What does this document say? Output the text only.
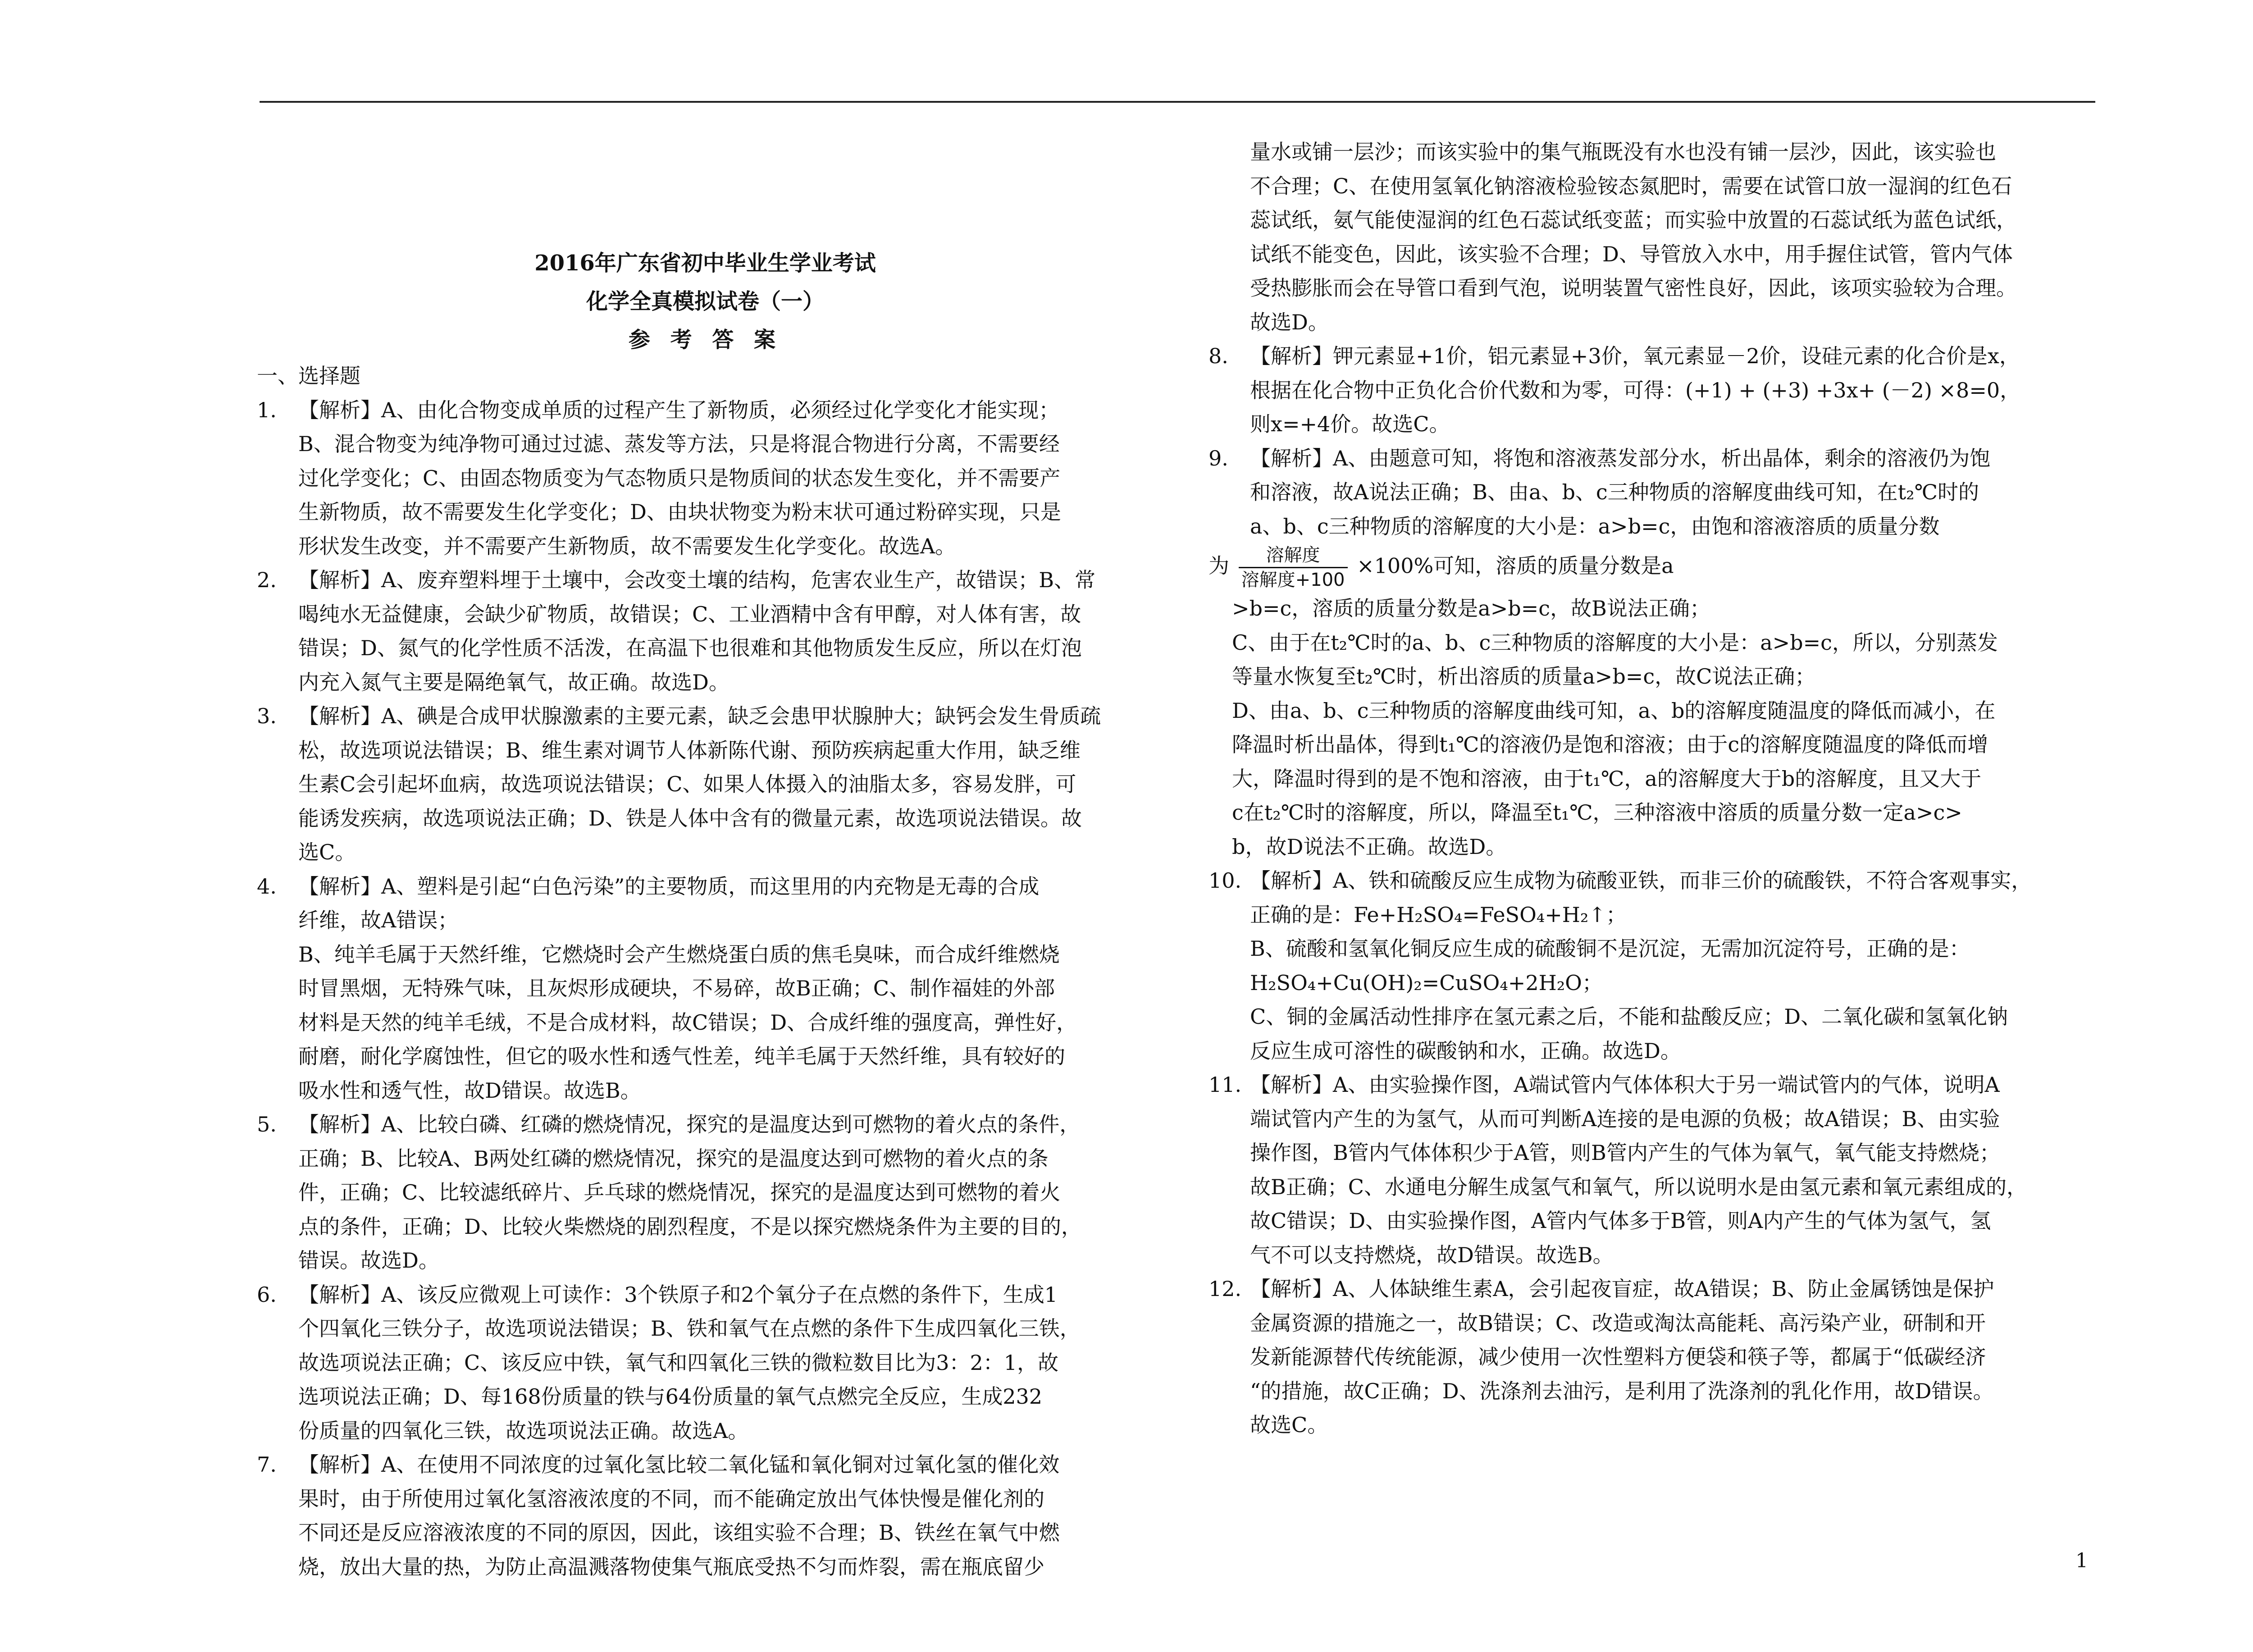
2016年广东省初中毕业生学业考试
化学全真模拟试卷（一）
参 考 答 案
一、选择题
1.	【解析】A、由化合物变成单质的过程产生了新物质，必须经过化学变化才能实现；
B、混合物变为纯净物可通过过滤、蒸发等方法，只是将混合物进行分离，不需要经
过化学变化；C、由固态物质变为气态物质只是物质间的状态发生变化，并不需要产
生新物质，故不需要发生化学变化；D、由块状物变为粉末状可通过粉碎实现，只是
形状发生改变，并不需要产生新物质，故不需要发生化学变化。故选A。
2.	【解析】A、废弃塑料埋于土壤中，会改变土壤的结构，危害农业生产，故错误；B、常
喝纯水无益健康，会缺少矿物质，故错误；C、工业酒精中含有甲醇，对人体有害，故
错误；D、氮气的化学性质不活泼，在高温下也很难和其他物质发生反应，所以在灯泡
内充入氮气主要是隔绝氧气，故正确。故选D。
3.	【解析】A、碘是合成甲状腺激素的主要元素，缺乏会患甲状腺肿大；缺钙会发生骨质疏
松，故选项说法错误；B、维生素对调节人体新陈代谢、预防疾病起重大作用，缺乏维
生素C会引起坏血病，故选项说法错误；C、如果人体摄入的油脂太多，容易发胖，可
能诱发疾病，故选项说法正确；D、铁是人体中含有的微量元素，故选项说法错误。故
选C。
4.	【解析】A、塑料是引起“白色污染”的主要物质，而这里用的内充物是无毒的合成
纤维，故A错误；
B、纯羊毛属于天然纤维，它燃烧时会产生燃烧蛋白质的焦毛臭味，而合成纤维燃烧
时冒黑烟，无特殊气味，且灰烬形成硬块，不易碎，故B正确；C、制作福娃的外部
材料是天然的纯羊毛绒，不是合成材料，故C错误；D、合成纤维的强度高，弹性好，
耐磨，耐化学腐蚀性，但它的吸水性和透气性差，纯羊毛属于天然纤维，具有较好的
吸水性和透气性，故D错误。故选B。
5.	【解析】A、比较白磷、红磷的燃烧情况，探究的是温度达到可燃物的着火点的条件，
正确；B、比较A、B两处红磷的燃烧情况，探究的是温度达到可燃物的着火点的条
件，正确；C、比较滤纸碎片、乒乓球的燃烧情况，探究的是温度达到可燃物的着火
点的条件，正确；D、比较火柴燃烧的剧烈程度，不是以探究燃烧条件为主要的目的，
错误。故选D。
6.	【解析】A、该反应微观上可读作：3个铁原子和2个氧分子在点燃的条件下，生成1
个四氧化三铁分子，故选项说法错误；B、铁和氧气在点燃的条件下生成四氧化三铁，
故选项说法正确；C、该反应中铁，氧气和四氧化三铁的微粒数目比为3：2：1，故
选项说法正确；D、每168份质量的铁与64份质量的氧气点燃完全反应，生成232
份质量的四氧化三铁，故选项说法正确。故选A。
7.	【解析】A、在使用不同浓度的过氧化氢比较二氧化锰和氧化铜对过氧化氢的催化效
果时，由于所使用过氧化氢溶液浓度的不同，而不能确定放出气体快慢是催化剂的
不同还是反应溶液浓度的不同的原因，因此，该组实验不合理；B、铁丝在氧气中燃
烧，放出大量的热，为防止高温溅落物使集气瓶底受热不匀而炸裂，需在瓶底留少
量水或铺一层沙；而该实验中的集气瓶既没有水也没有铺一层沙，因此，该实验也
不合理；C、在使用氢氧化钠溶液检验铵态氮肥时，需要在试管口放一湿润的红色石
蕊试纸，氨气能使湿润的红色石蕊试纸变蓝；而实验中放置的石蕊试纸为蓝色试纸，
试纸不能变色，因此，该实验不合理；D、导管放入水中，用手握住试管，管内气体
受热膨胀而会在导管口看到气泡，说明装置气密性良好，因此，该项实验较为合理。
故选D。
8.	【解析】钾元素显+1价，铝元素显+3价，氧元素显－2价，设硅元素的化合价是x，
根据在化合物中正负化合价代数和为零，可得：(+1) + (+3) +3x+ (－2) ×8=0，
则x=+4价。故选C。
9.	【解析】A、由题意可知，将饱和溶液蒸发部分水，析出晶体，剩余的溶液仍为饱
和溶液，故A说法正确；B、由a、b、c三种物质的溶解度曲线可知，在t₂℃时的
a、b、c三种物质的溶解度的大小是：a>b=c，由饱和溶液溶质的质量分数
为 $\frac{\text{溶解度}}{\text{溶解度+100}} \times 100\%$可知，溶质的质量分数是a
>b=c，溶质的质量分数是a>b=c，故B说法正确；
C、由于在t₂℃时的a、b、c三种物质的溶解度的大小是：a>b=c，所以，分别蒸发
等量水恢复至t₂℃时，析出溶质的质量a>b=c，故C说法正确；
D、由a、b、c三种物质的溶解度曲线可知，a、b的溶解度随温度的降低而减小，在
降温时析出晶体，得到t₁℃的溶液仍是饱和溶液；由于c的溶解度随温度的降低而增
大，降温时得到的是不饱和溶液，由于t₁℃，a的溶解度大于b的溶解度，且又大于
c在t₂℃时的溶解度，所以，降温至t₁℃，三种溶液中溶质的质量分数一定a>c>
b，故D说法不正确。故选D。
10. 【解析】A、铁和硫酸反应生成物为硫酸亚铁，而非三价的硫酸铁，不符合客观事实，
正确的是：Fe+H₂SO₄=FeSO₄+H₂↑；
B、硫酸和氢氧化铜反应生成的硫酸铜不是沉淀，无需加沉淀符号，正确的是：
H₂SO₄+Cu(OH)₂=CuSO₄+2H₂O；
C、铜的金属活动性排序在氢元素之后，不能和盐酸反应；D、二氧化碳和氢氧化钠
反应生成可溶性的碳酸钠和水，正确。故选D。
11. 【解析】A、由实验操作图，A端试管内气体体积大于另一端试管内的气体，说明A
端试管内产生的为氢气，从而可判断A连接的是电源的负极；故A错误；B、由实验
操作图，B管内气体体积少于A管，则B管内产生的气体为氧气，氧气能支持燃烧；
故B正确；C、水通电分解生成氢气和氧气，所以说明水是由氢元素和氧元素组成的，
故C错误；D、由实验操作图，A管内气体多于B管，则A内产生的气体为氢气，氢
气不可以支持燃烧，故D错误。故选B。
12. 【解析】A、人体缺维生素A，会引起夜盲症，故A错误；B、防止金属锈蚀是保护
金属资源的措施之一，故B错误；C、改造或淘汰高能耗、高污染产业，研制和开
发新能源替代传统能源，减少使用一次性塑料方便袋和筷子等，都属于“低碳经济
“的措施，故C正确；D、洗涤剂去油污，是利用了洗涤剂的乳化作用，故D错误。
故选C。
1
